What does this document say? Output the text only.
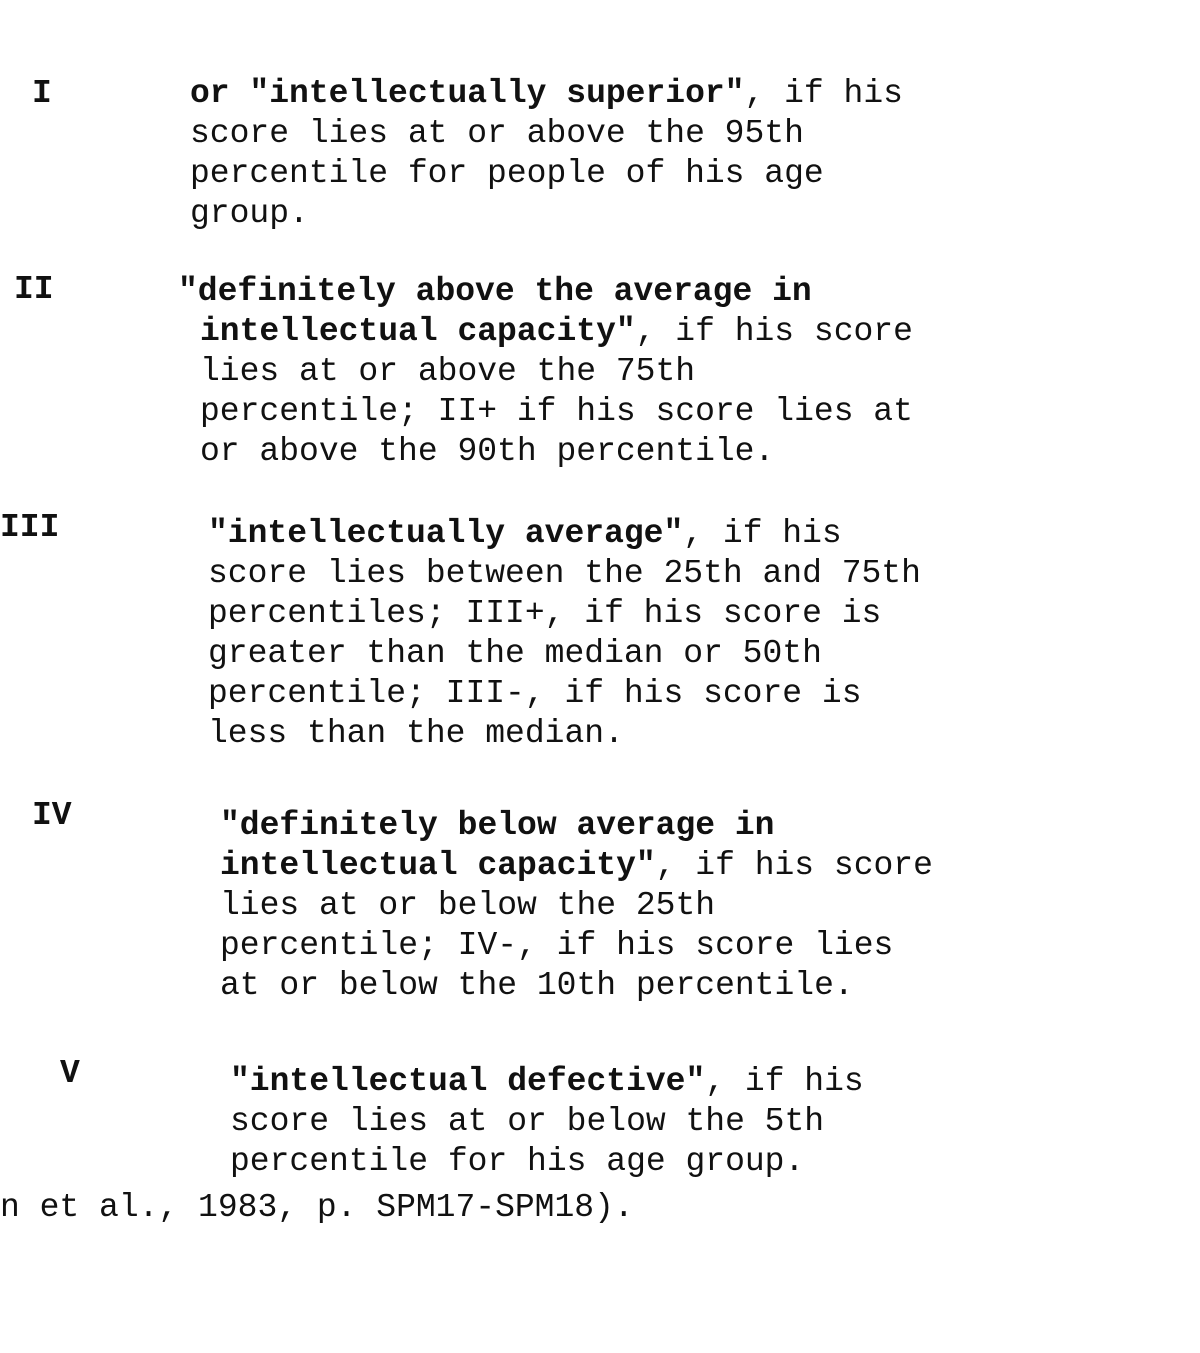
I	or "intellectually superior", if his
score lies at or above the 95th
percentile for people of his age
group.
II	"definitely above the average in
intellectual capacity", if his score
lies at or above the 75th
percentile; II+ if his score lies at
or above the 90th percentile.
III	"intellectually average", if his
score lies between the 25th and 75th
percentiles; III+, if his score is
greater than the median or 50th
percentile; III-, if his score is
less than the median.
IV	"definitely below average in
intellectual capacity", if his score
lies at or below the 25th
percentile; IV-, if his score lies
at or below the 10th percentile.
V	"intellectual defective", if his
score lies at or below the 5th
percentile for his age group.
n et al., 1983, p. SPM17-SPM18).
